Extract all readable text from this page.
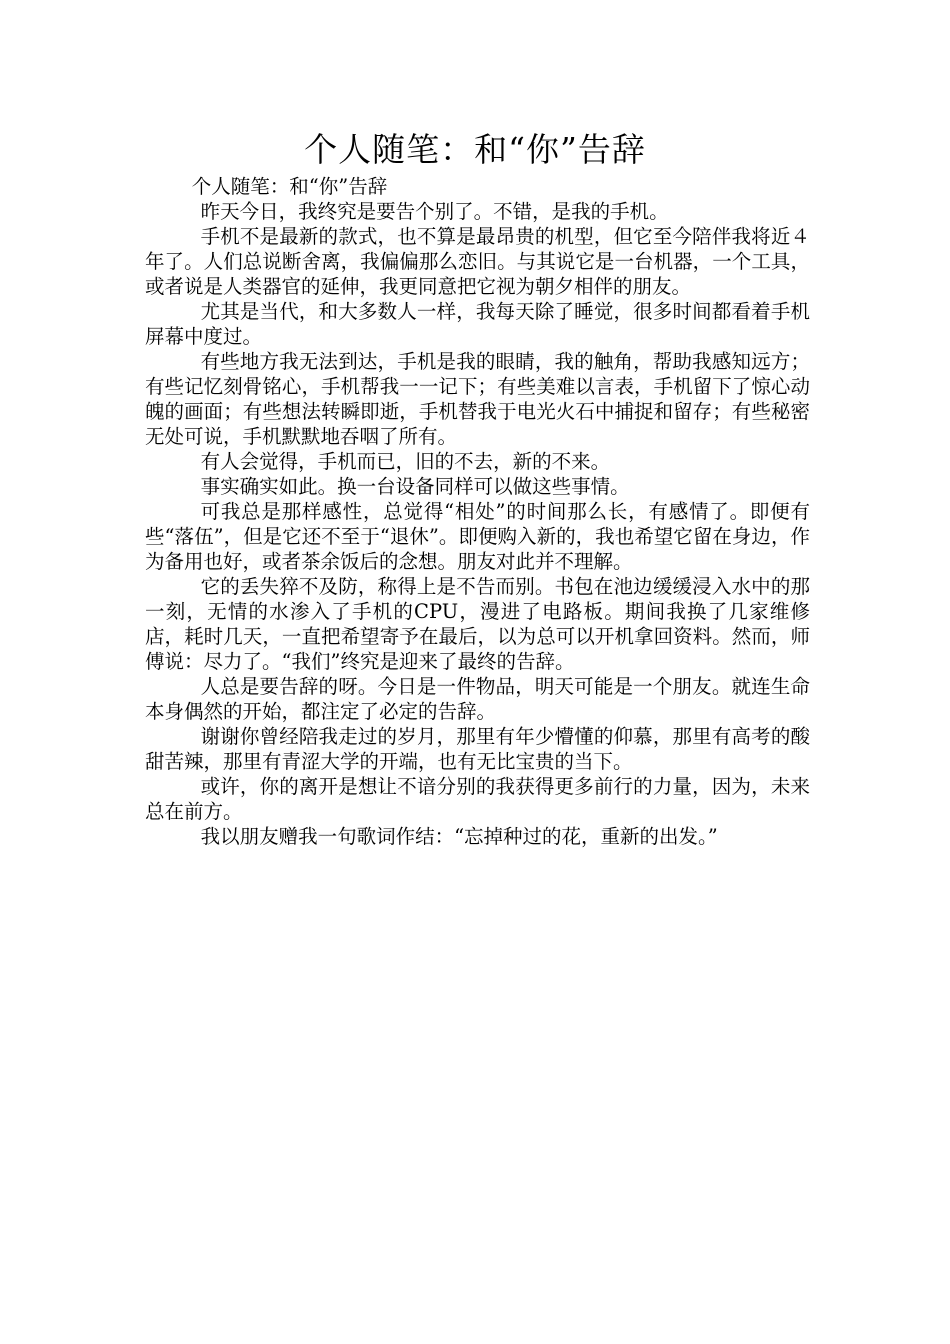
个人随笔：和“你”告辞

个人随笔：和“你”告辞

昨天今日，我终究是要告个别了。不错，是我的手机。

手机不是最新的款式，也不算是最昂贵的机型，但它至今陪伴我将近４年了。人们总说断舍离，我偏偏那么恋旧。与其说它是一台机器，一个工具，或者说是人类器官的延伸，我更同意把它视为朝夕相伴的朋友。

尤其是当代，和大多数人一样，我每天除了睡觉，很多时间都看着手机屏幕中度过。

有些地方我无法到达，手机是我的眼睛，我的触角，帮助我感知远方；有些记忆刻骨铭心，手机帮我一一记下；有些美难以言表，手机留下了惊心动魄的画面；有些想法转瞬即逝，手机替我于电光火石中捕捉和留存；有些秘密无处可说，手机默默地吞咽了所有。

有人会觉得，手机而已，旧的不去，新的不来。

事实确实如此。换一台设备同样可以做这些事情。

可我总是那样感性，总觉得“相处”的时间那么长，有感情了。即便有些“落伍”，但是它还不至于“退休”。即便购入新的，我也希望它留在身边，作为备用也好，或者茶余饭后的念想。朋友对此并不理解。

它的丢失猝不及防，称得上是不告而别。书包在池边缓缓浸入水中的那一刻，无情的水渗入了手机的CPU，漫进了电路板。期间我换了几家维修店，耗时几天，一直把希望寄予在最后，以为总可以开机拿回资料。然而，师傅说：尽力了。“我们”终究是迎来了最终的告辞。

人总是要告辞的呀。今日是一件物品，明天可能是一个朋友。就连生命本身偶然的开始，都注定了必定的告辞。

谢谢你曾经陪我走过的岁月，那里有年少懵懂的仰慕，那里有高考的酸甜苦辣，那里有青涩大学的开端，也有无比宝贵的当下。

或许，你的离开是想让不谙分别的我获得更多前行的力量，因为，未来总在前方。

我以朋友赠我一句歌词作结：“忘掉种过的花，重新的出发。”
